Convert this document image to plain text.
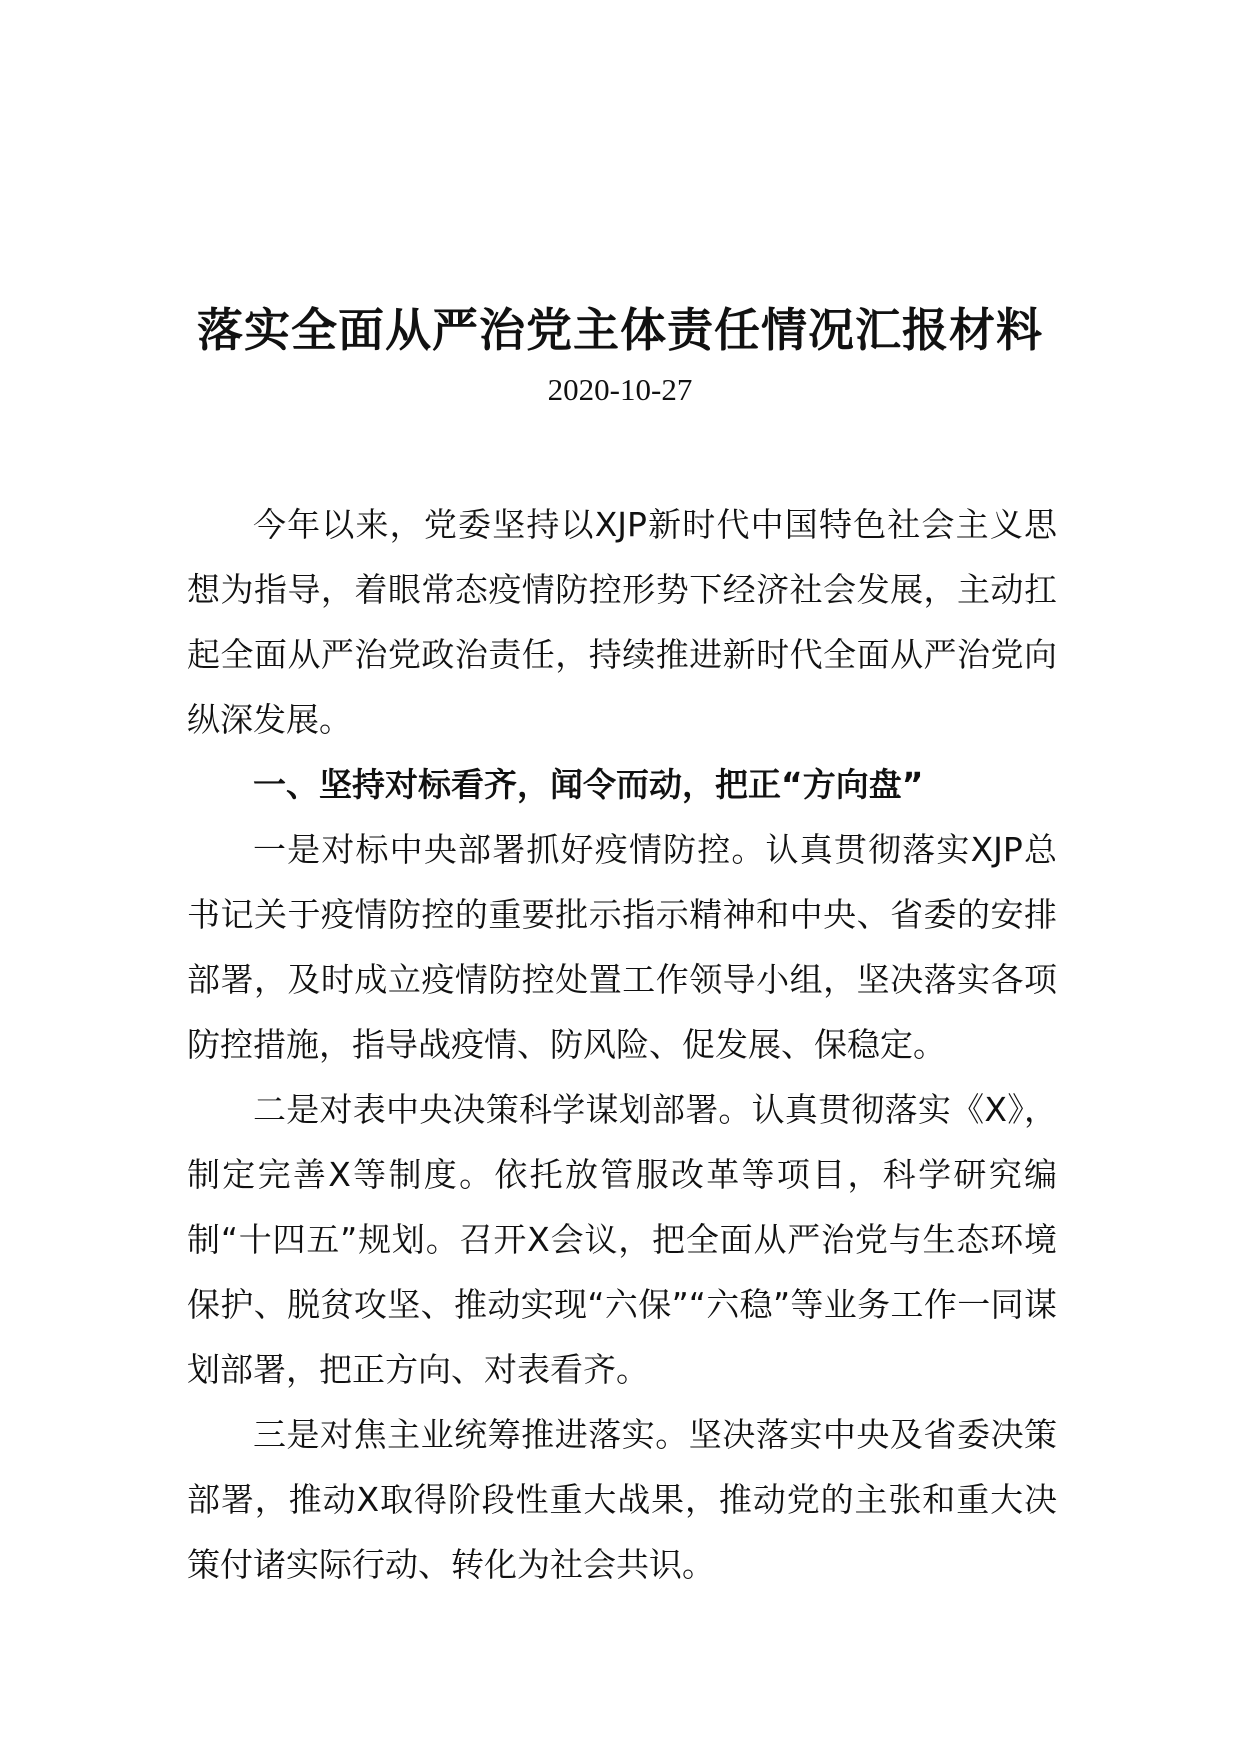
落实全面从严治党主体责任情况汇报材料

2020-10-27

今年以来，党委坚持以XJP新时代中国特色社会主义思想为指导，着眼常态疫情防控形势下经济社会发展，主动扛起全面从严治党政治责任，持续推进新时代全面从严治党向纵深发展。

一、坚持对标看齐，闻令而动，把正“方向盘”

一是对标中央部署抓好疫情防控。认真贯彻落实XJP总书记关于疫情防控的重要批示指示精神和中央、省委的安排部署，及时成立疫情防控处置工作领导小组，坚决落实各项防控措施，指导战疫情、防风险、促发展、保稳定。

二是对表中央决策科学谋划部署。认真贯彻落实《X》，制定完善X等制度。依托放管服改革等项目，科学研究编制“十四五”规划。召开X会议，把全面从严治党与生态环境保护、脱贫攻坚、推动实现“六保”“六稳”等业务工作一同谋划部署，把正方向、对表看齐。

三是对焦主业统筹推进落实。坚决落实中央及省委决策部署，推动X取得阶段性重大战果，推动党的主张和重大决策付诸实际行动、转化为社会共识。
